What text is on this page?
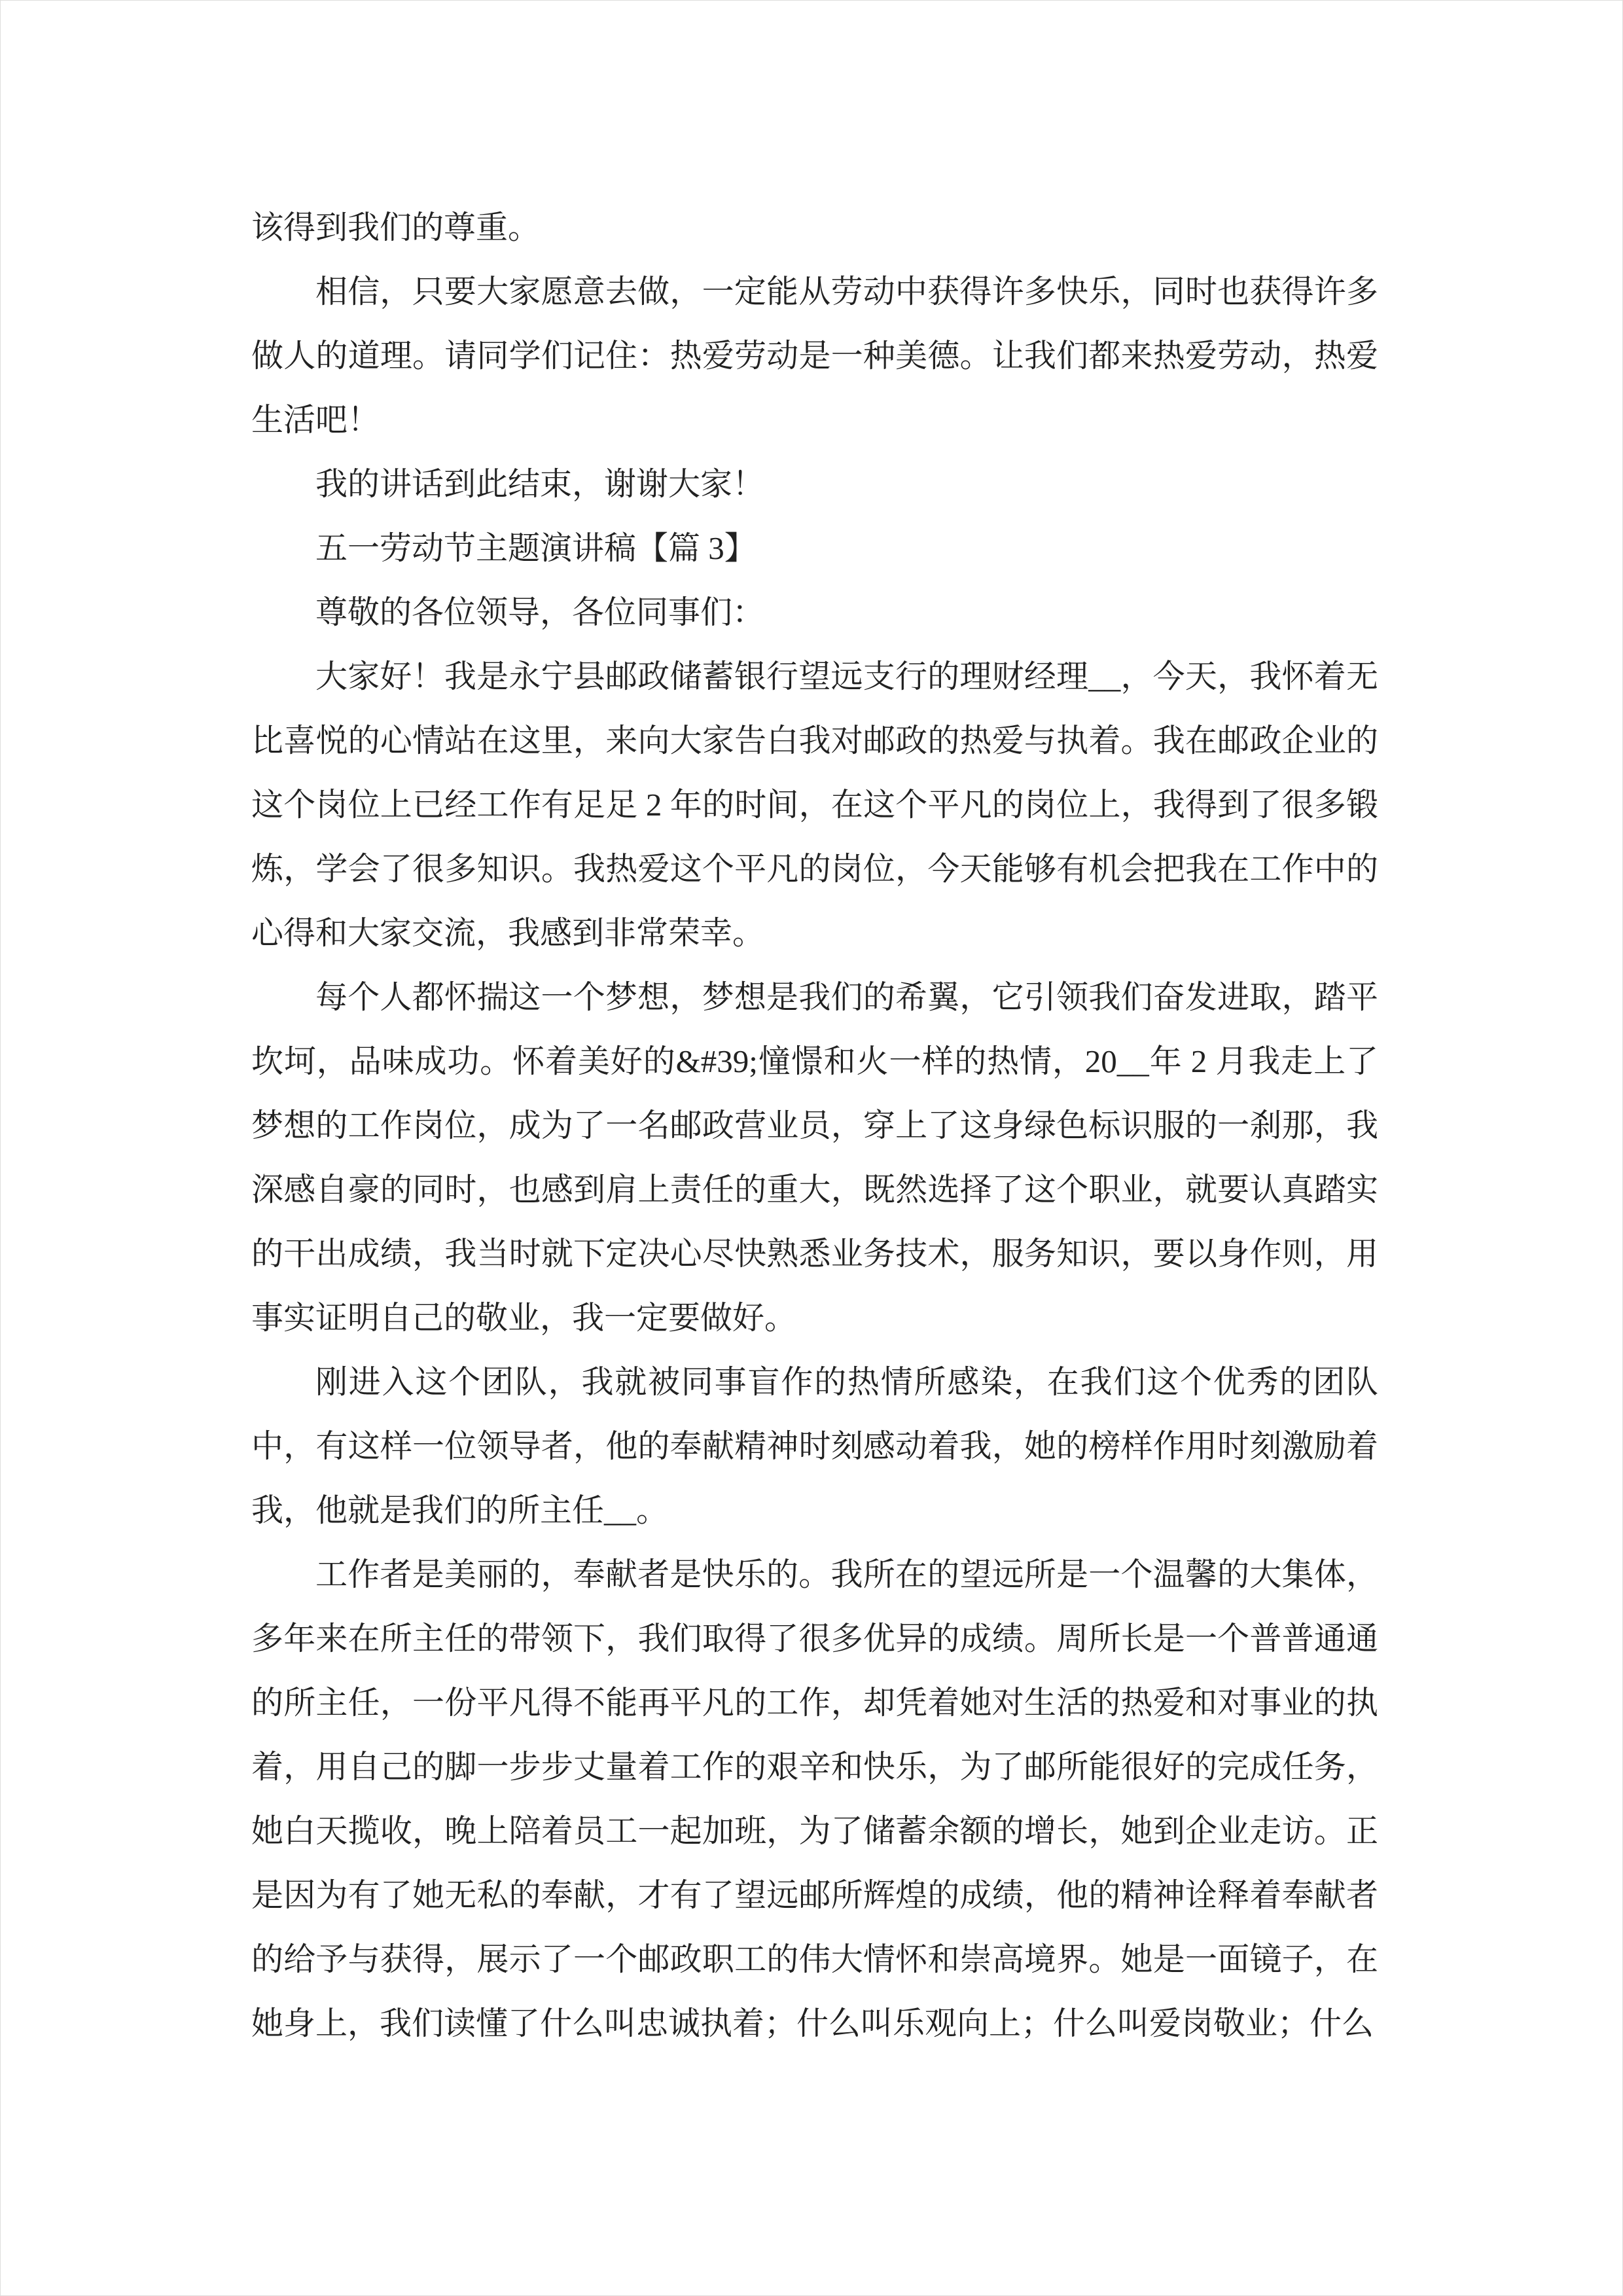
该得到我们的尊重。

相信，只要大家愿意去做，一定能从劳动中获得许多快乐，同时也获得许多做人的道理。请同学们记住：热爱劳动是一种美德。让我们都来热爱劳动，热爱生活吧！

我的讲话到此结束，谢谢大家！

五一劳动节主题演讲稿【篇 3】

尊敬的各位领导，各位同事们：

大家好！我是永宁县邮政储蓄银行望远支行的理财经理__，今天，我怀着无比喜悦的心情站在这里，来向大家告白我对邮政的热爱与执着。我在邮政企业的这个岗位上已经工作有足足 2 年的时间，在这个平凡的岗位上，我得到了很多锻炼，学会了很多知识。我热爱这个平凡的岗位，今天能够有机会把我在工作中的心得和大家交流，我感到非常荣幸。

每个人都怀揣这一个梦想，梦想是我们的希翼，它引领我们奋发进取，踏平坎坷，品味成功。怀着美好的&#39;憧憬和火一样的热情，20__年 2 月我走上了梦想的工作岗位，成为了一名邮政营业员，穿上了这身绿色标识服的一刹那，我深感自豪的同时，也感到肩上责任的重大，既然选择了这个职业，就要认真踏实的干出成绩，我当时就下定决心尽快熟悉业务技术，服务知识，要以身作则，用事实证明自己的敬业，我一定要做好。

刚进入这个团队，我就被同事盲作的热情所感染，在我们这个优秀的团队中，有这样一位领导者，他的奉献精神时刻感动着我，她的榜样作用时刻激励着我，他就是我们的所主任__。

工作者是美丽的，奉献者是快乐的。我所在的望远所是一个温馨的大集体，多年来在所主任的带领下，我们取得了很多优异的成绩。周所长是一个普普通通的所主任，一份平凡得不能再平凡的工作，却凭着她对生活的热爱和对事业的执着，用自己的脚一步步丈量着工作的艰辛和快乐，为了邮所能很好的完成任务，她白天揽收，晚上陪着员工一起加班，为了储蓄余额的增长，她到企业走访。正是因为有了她无私的奉献，才有了望远邮所辉煌的成绩，他的精神诠释着奉献者的给予与获得，展示了一个邮政职工的伟大情怀和崇高境界。她是一面镜子，在她身上，我们读懂了什么叫忠诚执着；什么叫乐观向上；什么叫爱岗敬业；什么
